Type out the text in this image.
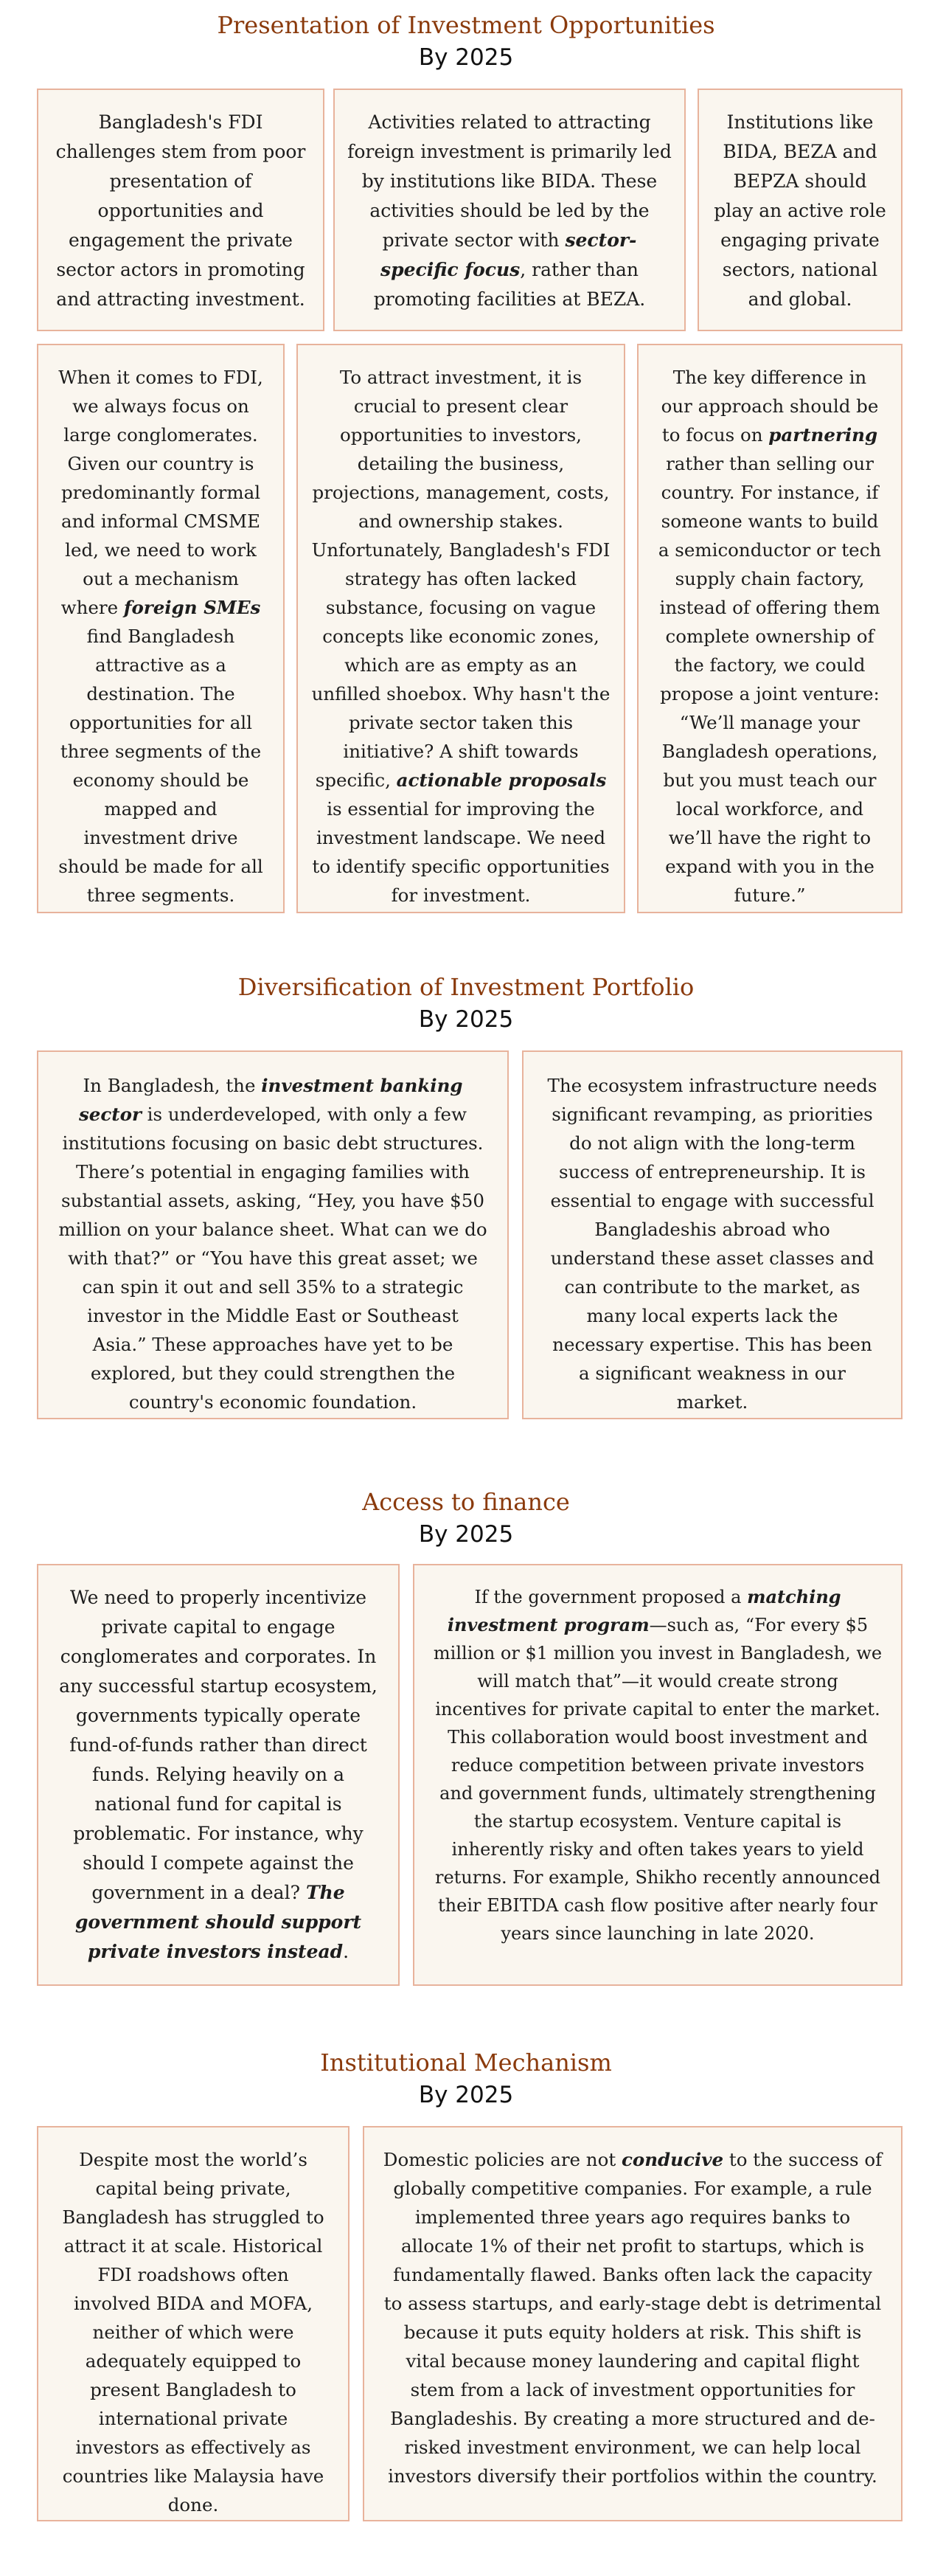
Presentation of Investment Opportunities
By 2025
Bangladesh's FDI challenges stem from poor presentation of opportunities and engagement the private sector actors in promoting and attracting investment.
Activities related to attracting foreign investment is primarily led by institutions like BIDA. These activities should be led by the private sector with sector-specific focus, rather than promoting facilities at BEZA.
Institutions like BIDA, BEZA and BEPZA should play an active role engaging private sectors, national and global.
When it comes to FDI, we always focus on large conglomerates. Given our country is predominantly formal and informal CMSME led, we need to work out a mechanism where foreign SMEs find Bangladesh attractive as a destination. The opportunities for all three segments of the economy should be mapped and investment drive should be made for all three segments.
To attract investment, it is crucial to present clear opportunities to investors, detailing the business, projections, management, costs, and ownership stakes. Unfortunately, Bangladesh's FDI strategy has often lacked substance, focusing on vague concepts like economic zones, which are as empty as an unfilled shoebox. Why hasn't the private sector taken this initiative? A shift towards specific, actionable proposals is essential for improving the investment landscape. We need to identify specific opportunities for investment.
The key difference in our approach should be to focus on partnering rather than selling our country. For instance, if someone wants to build a semiconductor or tech supply chain factory, instead of offering them complete ownership of the factory, we could propose a joint venture: “We’ll manage your Bangladesh operations, but you must teach our local workforce, and we’ll have the right to expand with you in the future.”
Diversification of Investment Portfolio
By 2025
In Bangladesh, the investment banking sector is underdeveloped, with only a few institutions focusing on basic debt structures. There’s potential in engaging families with substantial assets, asking, “Hey, you have $50 million on your balance sheet. What can we do with that?” or “You have this great asset; we can spin it out and sell 35% to a strategic investor in the Middle East or Southeast Asia.” These approaches have yet to be explored, but they could strengthen the country's economic foundation.
The ecosystem infrastructure needs significant revamping, as priorities do not align with the long-term success of entrepreneurship. It is essential to engage with successful Bangladeshis abroad who understand these asset classes and can contribute to the market, as many local experts lack the necessary expertise. This has been a significant weakness in our market.
Access to finance
By 2025
We need to properly incentivize private capital to engage conglomerates and corporates. In any successful startup ecosystem, governments typically operate fund-of-funds rather than direct funds. Relying heavily on a national fund for capital is problematic. For instance, why should I compete against the government in a deal? The government should support private investors instead.
If the government proposed a matching investment program—such as, “For every $5 million or $1 million you invest in Bangladesh, we will match that”—it would create strong incentives for private capital to enter the market. This collaboration would boost investment and reduce competition between private investors and government funds, ultimately strengthening the startup ecosystem. Venture capital is inherently risky and often takes years to yield returns. For example, Shikho recently announced their EBITDA cash flow positive after nearly four years since launching in late 2020.
Institutional Mechanism
By 2025
Despite most the world’s capital being private, Bangladesh has struggled to attract it at scale. Historical FDI roadshows often involved BIDA and MOFA, neither of which were adequately equipped to present Bangladesh to international private investors as effectively as countries like Malaysia have done.
Domestic policies are not conducive to the success of globally competitive companies. For example, a rule implemented three years ago requires banks to allocate 1% of their net profit to startups, which is fundamentally flawed. Banks often lack the capacity to assess startups, and early-stage debt is detrimental because it puts equity holders at risk. This shift is vital because money laundering and capital flight stem from a lack of investment opportunities for Bangladeshis. By creating a more structured and de-risked investment environment, we can help local investors diversify their portfolios within the country.
